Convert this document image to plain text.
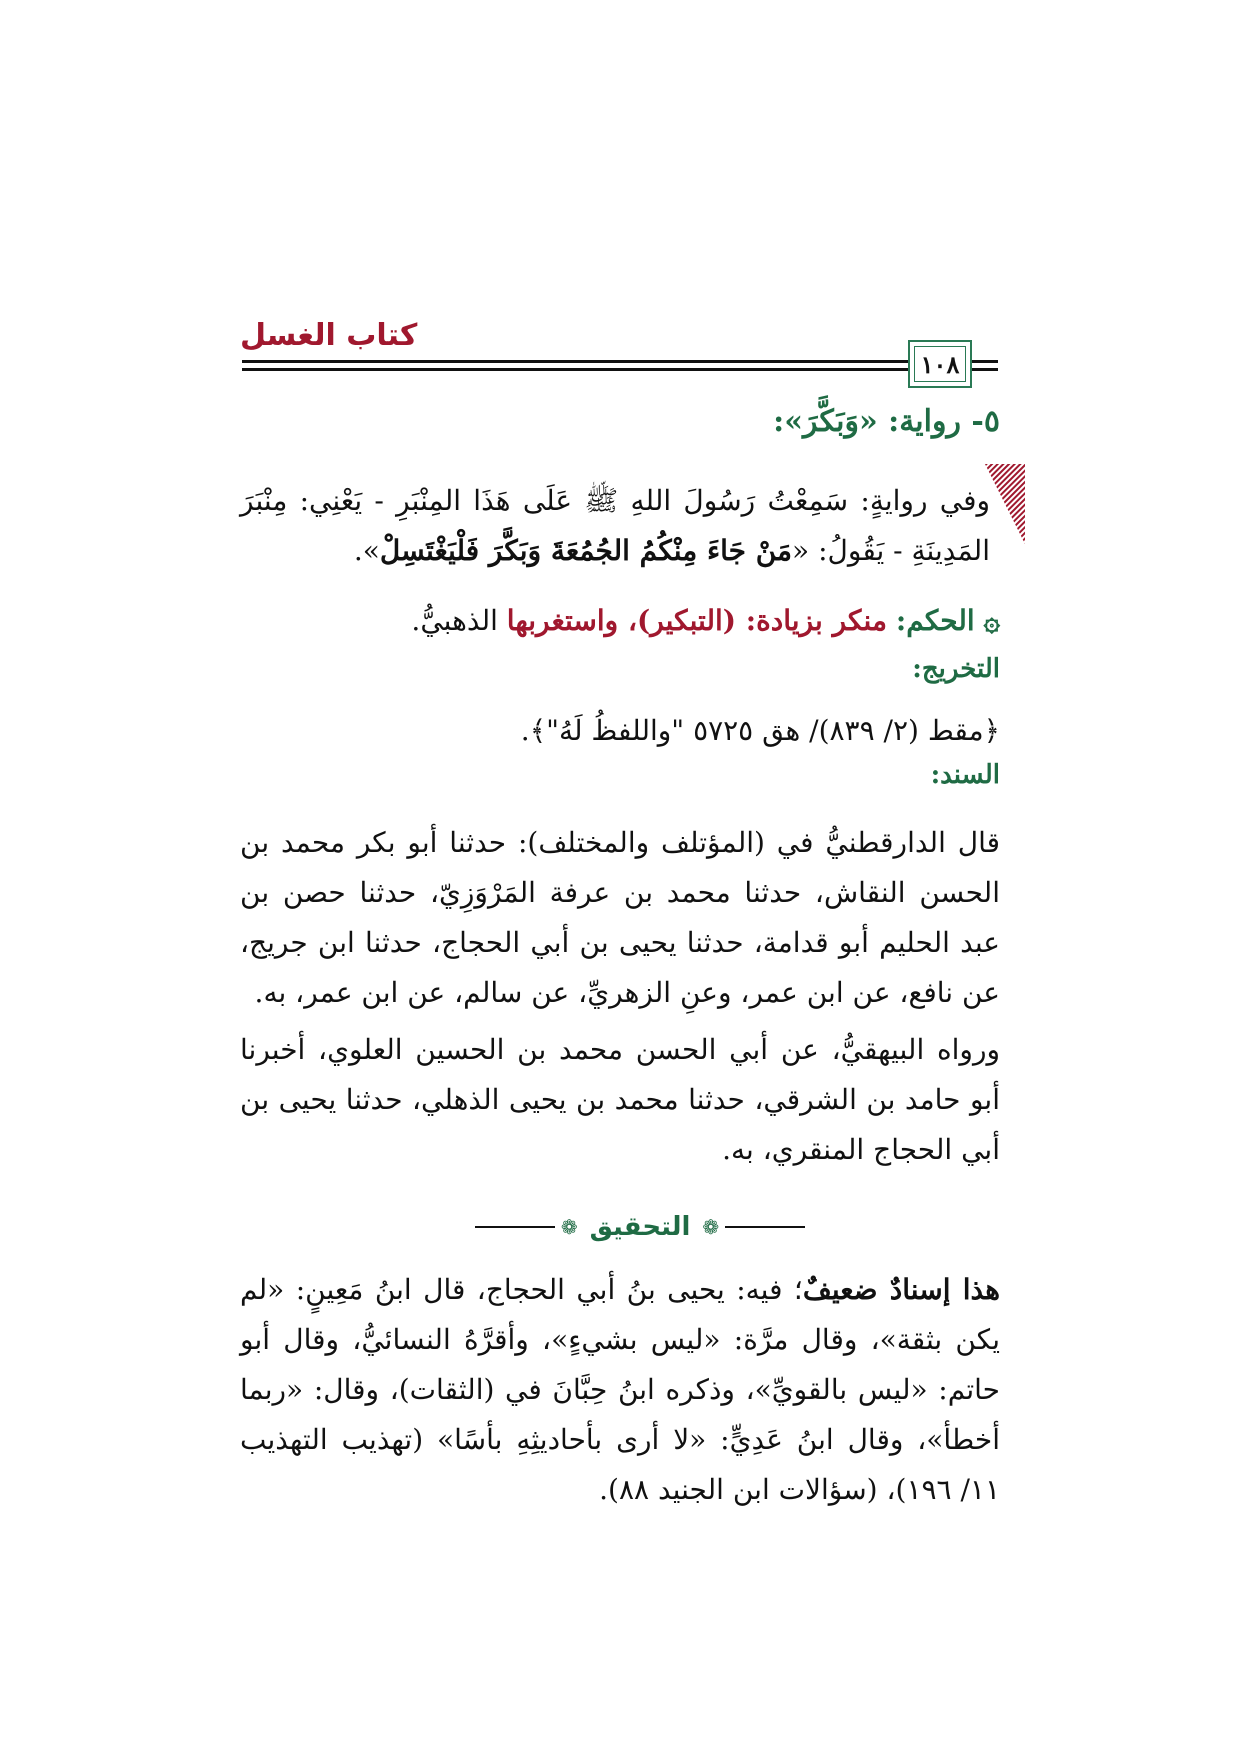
كتاب الغسل
١٠٨
٥- رواية: «وَبَكَّرَ»:

وفي روايةٍ: سَمِعْتُ رَسُولَ اللهِ ﷺ عَلَى هَذَا المِنْبَرِ - يَعْنِي: مِنْبَرَ المَدِينَةِ - يَقُولُ: «مَنْ جَاءَ مِنْكُمُ الجُمُعَةَ وَبَكَّرَ فَلْيَغْتَسِلْ».

۞ الحكم: منكر بزيادة: (التبكير)، واستغربها الذهبيُّ.

التخريج:

﴿مقط (٢/ ٨٣٩)/ هق ٥٧٢٥ "واللفظُ لَهُ"﴾.

السند:

قال الدارقطنيُّ في (المؤتلف والمختلف): حدثنا أبو بكر محمد بن الحسن النقاش، حدثنا محمد بن عرفة المَرْوَزِيّ، حدثنا حصن بن عبد الحليم أبو قدامة، حدثنا يحيى بن أبي الحجاج، حدثنا ابن جريج، عن نافع، عن ابن عمر، وعنِ الزهريِّ، عن سالم، عن ابن عمر، به.

ورواه البيهقيُّ، عن أبي الحسن محمد بن الحسين العلوي، أخبرنا أبو حامد بن الشرقي، حدثنا محمد بن يحيى الذهلي، حدثنا يحيى بن أبي الحجاج المنقري، به.

❁
التحقيق
❁

هذا إسنادٌ ضعيفٌ؛ فيه: يحيى بنُ أبي الحجاج، قال ابنُ مَعِينٍ: «لم يكن بثقة»، وقال مرَّة: «ليس بشيءٍ»، وأقرَّهُ النسائيُّ، وقال أبو حاتم: «ليس بالقويِّ»، وذكره ابنُ حِبَّانَ في (الثقات)، وقال: «ربما أخطأ»، وقال ابنُ عَدِيٍّ: «لا أرى بأحاديثِهِ بأسًا» (تهذيب التهذيب ١١/ ١٩٦)، (سؤالات ابن الجنيد ٨٨).
